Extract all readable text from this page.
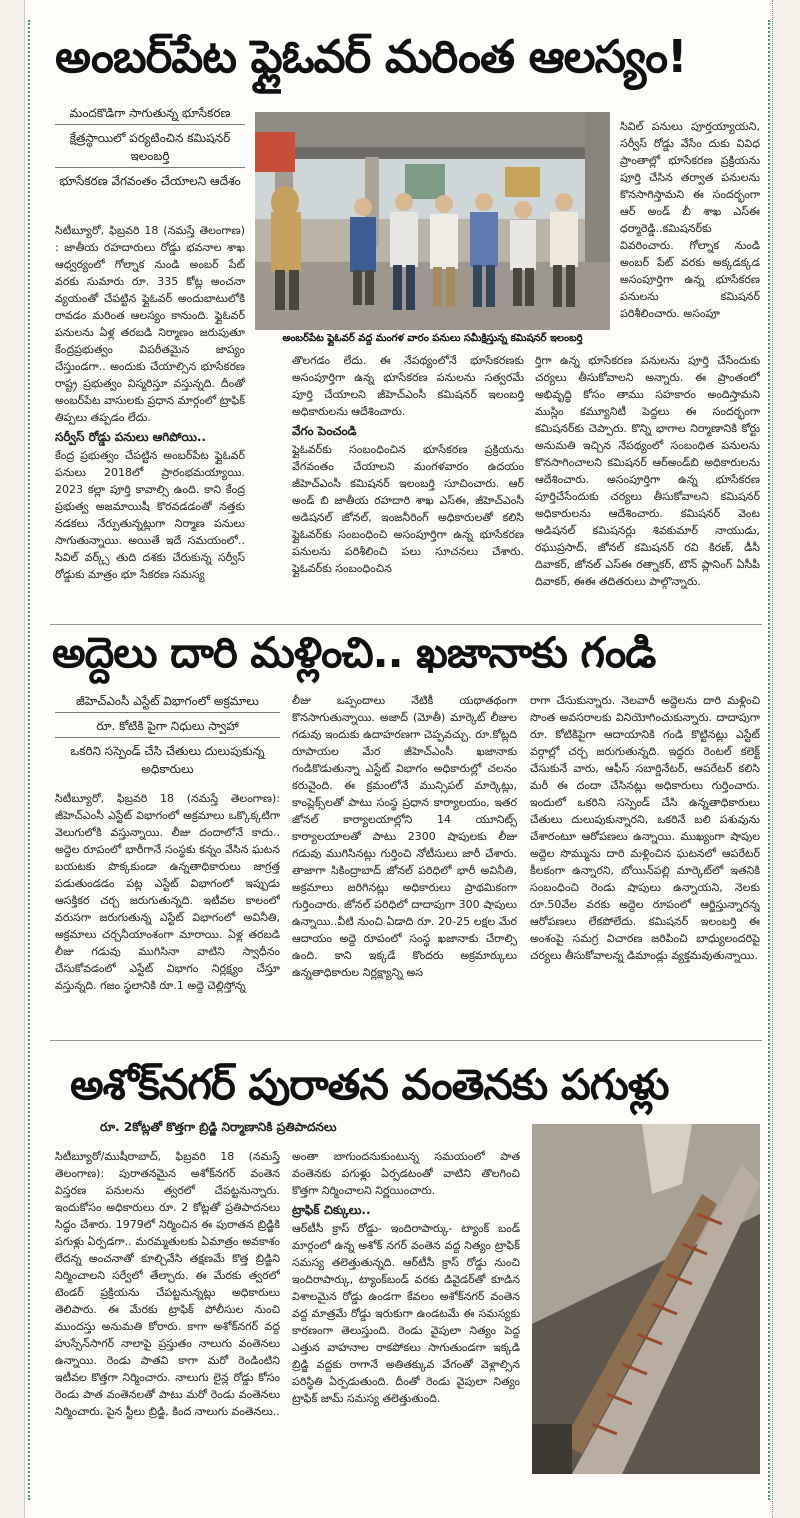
అంబర్‌పేట ఫ్లైఓవర్ మరింత ఆలస్యం!
మందకొడిగా సాగుతున్న భూసేకరణ
క్షేత్రస్థాయిలో పర్యటించిన కమిషనర్ ఇలంబర్తి
భూసేకరణ వేగవంతం చేయాలని ఆదేశం

సిటీబ్యూరో, ఫిబ్రవరి 18 (నమస్తే తెలంగాణ) : జాతీయ రహదారులు రోడ్డు భవనాల శాఖ ఆధ్వర్యంలో గోల్నాక నుండి అంబర్‌ పేట్ వరకు సుమారు రూ. 335 కోట్ల అంచనా వ్యయంతో చేపట్టిన ఫ్లైఓవర్ అందుబాటులోకి రావడం మరింత ఆలస్యం కానుంది. ఫ్లైఓవర్ పనులను ఏళ్ల తరబడి నిర్మాణం జరుపుతూ కేంద్రప్రభుత్వం విపరీతమైన జాప్యం చేస్తుండగా.. అందుకు చేయాల్సిన భూసేకరణ రాష్ట్ర ప్రభుత్వం విస్మరిస్తూ వస్తున్నది. దీంతో అంబర్‌పేట వాసులకు ప్రధాన మార్గంలో ట్రాఫిక్ తిప్పలు తప్పడం లేదు.

సర్వీస్ రోడ్డు పనులు ఆగిపోయి..

కేంద్ర ప్రభుత్వం చేపట్టిన అంబర్‌పేట ఫ్లైఓవర్ పనులు 2018లో ప్రారంభమయ్యాయి. 2023 కల్లా పూర్తి కావాల్సి ఉంది. కాని కేంద్ర ప్రభుత్వ అజమాయిషీ కొరవడడంతో నత్తకు నడకలు నేర్పుతున్నట్లుగా నిర్మాణ పనులు సాగుతున్నాయి. అయితే ఇదే సమయంలో.. సివిల్ వర్క్స్ తుది దశకు చేరుకున్న సర్వీస్ రోడ్డుకు మాత్రం భూ సేకరణ సమస్య

అంబర్‌పేట ఫ్లైఓవర్ వద్ద మంగళ వారం పనులు సమీక్షిస్తున్న కమిషనర్ ఇలంబర్తి

తొలగడం లేదు. ఈ నేపథ్యంలోనే భూసేకరణకు అసంపూర్తిగా ఉన్న భూసేకరణ పనులను సత్వరమే పూర్తి చేయాలని జీహెచ్‌ఎంసీ కమిషనర్ ఇలంబర్తి అధికారులను ఆదేశించారు.

వేగం పెంచండి

ఫ్లైఓవర్‌కు సంబంధించిన భూసేకరణ ప్రక్రియను వేగవంతం చేయాలని మంగళవారం ఉదయం జీహెచ్‌ఎంసీ కమిషనర్ ఇలంబర్తి సూచించారు. ఆర్ అండ్ బి జాతీయ రహదారి శాఖ ఎస్ఈ, జీహెచ్‌ఎంసీ అడిషనల్ జోనల్, ఇంజనీరింగ్ అధికారులతో కలిసి ఫ్లైఓవర్‌కు సంబంధించి అసంపూర్తిగా ఉన్న భూసేకరణ పనులను పరిశీలించి పలు సూచనలు చేశారు. ఫ్లైఓవర్‌కు సంబంధించిన

సివిల్ పనులు పూర్తయ్యాయని, సర్వీస్ రోడ్డు వేసేం దుకు వివిధ ప్రాంతాల్లో భూసేకరణ ప్రక్రియను పూర్తి చేసిన తర్వాత పనులను కొనసాగిస్తామని ఈ సందర్భంగా ఆర్ అండ్ బీ శాఖ ఎస్ఈ ధర్మారెడ్డి..కమిషనర్‌కు వివరించారు. గోల్నాక నుండి అంబర్ పేట్ వరకు అక్కడక్కడ అసంపూర్తిగా ఉన్న భూసేకరణ పనులను కమిషనర్ పరిశీలించారు. అసంపూ

ర్తిగా ఉన్న భూసేకరణ పనులను పూర్తి చేసేందుకు చర్యలు తీసుకోవాలని అన్నారు. ఈ ప్రాంతంలో అభివృద్ధి కోసం తాము సహకారం అందిస్తామని ముస్లిం కమ్యూనిటీ పెద్దలు ఈ సందర్భంగా కమిషనర్‌కు చెప్పారు. కొన్ని భాగాల నిర్మాణానికి కోర్టు అనుమతి ఇచ్చిన నేపథ్యంలో సంబంధిత పనులను కొనసాగించాలని కమిషనర్ ఆర్‌అండ్‌బి అధికారులను ఆదేశించారు. అసంపూర్తిగా ఉన్న భూసేకరణ పూర్తిచేసేందుకు చర్యలు తీసుకోవాలని కమిషనర్ అధికారులను ఆదేశించారు. కమిషనర్ వెంట అడిషనల్ కమిషనర్లు శివకుమార్ నాయుడు, రఘుప్రసాద్, జోనల్ కమిషనర్ రవి కిరణ్, డీసీ దివాకర్, జోనల్ ఎస్ఈ రత్నాకర్, టౌన్ ప్లానింగ్ ఏసీపీ దివాకర్, ఈఈ తదితరులు పాల్గొన్నారు.

అద్దెలు దారి మళ్లించి.. ఖజానాకు గండి
జీహెచ్‌ఎంసీ ఎస్టేట్ విభాగంలో అక్రమాలు
రూ. కోటికి పైగా నిధులు స్వాహా
ఒకరిని సస్పెండ్ చేసి చేతులు దులుపుకున్న అధికారులు

సిటీబ్యూరో, ఫిబ్రవరి 18 (నమస్తే తెలంగాణ): జీహెచ్‌ఎంసీ ఎస్టేట్ విభాగంలో అక్రమాలు ఒక్కొక్కటిగా వెలుగులోకి వస్తున్నాయి. లీజు దందాలోనే కాదు.. అద్దెల రూపంలో భారీగానే సంస్థకు కన్నం వేసిన ఘటన బయటకు పొక్కకుండా ఉన్నతాధికారులు జాగ్రత్త పడుతుండడం పట్ల ఎస్టేట్ విభాగంలో ఇప్పుడు ఆసక్తికర చర్చ జరుగుతున్నది. ఇటీవల కాలంలో వరుసగా జరుగుతున్న ఎస్టేట్ విభాగంలో అవినీతి, అక్రమాలు చర్చనీయాంశంగా మారాయి. ఏళ్ల తరబడి లీజు గడువు ముగిసినా వాటిని స్వాధీనం చేసుకోవడంలో ఎస్టేట్ విభాగం నిర్లక్ష్యం చేస్తూ వస్తున్నది. గజం స్థలానికి రూ.1 అద్దె చెల్లిస్తోన్న

లీజు ఒప్పందాలు నేటికీ యథాతథంగా కొనసాగుతున్నాయి. అజాద్ (మోతీ) మార్కెట్ లీజుల గడువు ఇందుకు ఉదాహరణగా చెప్పవచ్చు. రూ.కోట్లది రూపాయల మేర జీహెచ్‌ఎంసీ ఖజానాకు గండికొడుతున్నా ఎస్టేట్ విభాగం అధికారుల్లో చలనం కరువైంది. ఈ క్రమంలోనే మున్సిపల్ మార్కెట్లు, కాంప్లెక్స్‌లతో పాటు సంస్థ ప్రధాన కార్యాలయం, ఇతర జోనల్ కార్యాలయాల్లోని 14 యూనిట్స్ కార్యాలయాలతో పాటు 2300 షాపులకు లీజు గడువు ముగిసినట్లు గుర్తించి నోటీసులు జారీ చేశారు. తాజాగా సికింద్రాబాద్ జోనల్ పరిధిలో భారీ అవినీతి, అక్రమాలు జరిగినట్లు అధికారులు ప్రాథమికంగా గుర్తించారు. జోనల్ పరిధిలో దాదాపుగా 300 షాపులు ఉన్నాయి..వీటి నుంచి ఏడాది రూ. 20-25 లక్షల మేర ఆదాయం అద్దె రూపంలో సంస్థ ఖజానాకు చేరాల్సి ఉంది. కాని ఇక్కడే కొందరు అక్రమార్కులు ఉన్నతాధికారుల నిర్లక్ష్యాన్ని అస

రాగా చేసుకున్నారు. నెలవారీ అద్దెలను దారి మళ్లించి సొంత అవసరాలకు వినియోగించుకున్నారు. దాదాపుగా రూ. కోటికిపైగా ఆదాయానికి గండి కొట్టినట్లు ఎస్టేట్ వర్గాల్లో చర్చ జరుగుతున్నది. ఇద్దరు రెంటల్ కలెక్ట్ చేసుకునే వారు, ఆఫీస్ సబార్డినేటర్, ఆపరేటర్ కలిసి మరీ ఈ దందా చేసినట్లు అధికారులు గుర్తించారు. ఇందులో ఒకరిని సస్పెండ్ చేసి ఉన్నతాధికారులు చేతులు దులుపుకున్నారని, ఒకరినే బలి పశువును చేశారంటూ ఆరోపణలు ఉన్నాయి. ముఖ్యంగా షాపుల అద్దెల సొమ్మును దారి మళ్లించిన ఘటనలో ఆపరేటర్ కీలకంగా ఉన్నారని, బోయిన్‌పల్లి మార్కెట్‌లో ఇతనికి సంబంధించి రెండు షాపులు ఉన్నాయని, నెలకు రూ.50వేల వరకు అద్దెల రూపంలో ఆర్జిస్తున్నారన్న ఆరోపణలు లేకపోలేదు. కమిషనర్ ఇలంబర్తి ఈ అంశంపై సమగ్ర విచారణ జరిపించి బాధ్యులందరిపై చర్యలు తీసుకోవాలన్న డిమాండ్లు వ్యక్తమవుతున్నాయి.

అశోక్‌నగర్ పురాతన వంతెనకు పగుళ్లు
రూ. 2కోట్లతో కొత్తగా బ్రిడ్జి నిర్మాణానికి ప్రతిపాదనలు

సిటీబ్యూరో/ముషీరాబాద్, ఫిబ్రవరి 18 (నమస్తే తెలంగాణ): పురాతనమైన అశోక్‌నగర్ వంతెన విస్తరణ పనులను త్వరలో చేపట్టనున్నారు. ఇందుకోసం అధికారులు రూ. 2 కోట్లతో ప్రతిపాదనలు సిద్ధం చేశారు. 1979లో నిర్మించిన ఈ పురాతన బ్రిడ్జికి పగుళ్లు ఏర్పడగా.. మరమ్మతులకు ఏమాత్రం అవకాశం లేదన్న అంచనాతో కూల్చివేసి తక్షణమే కొత్త బ్రిడ్జిని నిర్మించాలని సర్వేలో తేల్చారు. ఈ మేరకు త్వరలో టెండర్ ప్రక్రియను చేపట్టనున్నట్లు అధికారులు తెలిపారు. ఈ మేరకు ట్రాఫిక్ పోలీసుల నుంచి ముందస్తు అనుమతి కోరారు. కాగా అశోక్‌నగర్ వద్ద హుస్సేన్‌సాగర్ నాలాపై ప్రస్తుతం నాలుగు వంతెనలు ఉన్నాయి. రెండు పాతవి కాగా మరో రెండింటిని ఇటీవల కొత్తగా నిర్మించారు. నాలుగు లైన్ల రోడ్డు కోసం రెండు పాత వంతెనలతో పాటు మరో రెండు వంతెనలు నిర్మించారు. పైన స్టీలు బ్రిడ్జి, కింద నాలుగు వంతెనలు..

అంతా బాగుందనుకుంటున్న సమయంలో పాత వంతెనకు పగుళ్లు ఏర్పడటంతో వాటిని తొలగించి కొత్తగా నిర్మించాలని నిర్ణయించారు.

ట్రాఫిక్ చిక్కులు..

ఆర్‌టీసీ క్రాస్ రోడ్డు- ఇందిరాపార్కు- ట్యాంక్ బండ్ మార్గంలో ఉన్న అశోక్ నగర్ వంతెన వద్ద నిత్యం ట్రాఫిక్ సమస్య తలెత్తుతున్నది. ఆర్‌టీసీ క్రాస్ రోడ్డు నుంచి ఇందిరాపార్కు, ట్యాంక్‌బండ్ వరకు డివైడర్‌తో కూడిన విశాలమైన రోడ్డు ఉండగా కేవలం అశోక్‌నగర్ వంతెన వద్ద మాత్రమే రోడ్డు ఇరుకుగా ఉండటమే ఈ సమస్యకు కారణంగా తెలుస్తుంది. రెండు వైపులా నిత్యం పెద్ద ఎత్తున వాహనాల రాకపోకలు సాగుతుండగా ఇక్కడి బ్రిడ్జి వద్దకు రాగానే అతితక్కువ వేగంతో వెళ్లాల్సిన పరిస్థితి ఏర్పడుతుంది. దీంతో రెండు వైపులా నిత్యం ట్రాఫిక్ జామ్ సమస్య తలెత్తుతుంది.
